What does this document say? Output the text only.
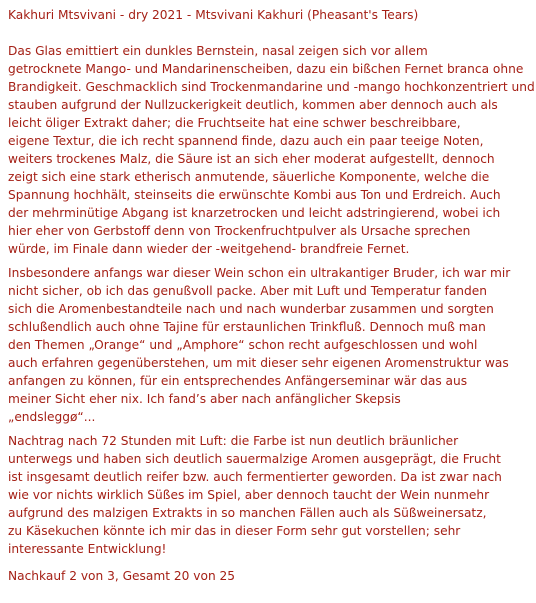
Kakhuri Mtsvivani - dry 2021 - Mtsvivani Kakhuri (Pheasant's Tears)
Das Glas emittiert ein dunkles Bernstein, nasal zeigen sich vor allem
getrocknete Mango- und Mandarinenscheiben, dazu ein bißchen Fernet branca ohne
Brandigkeit. Geschmacklich sind Trockenmandarine und -mango hochkonzentriert und
stauben aufgrund der Nullzuckerigkeit deutlich, kommen aber dennoch auch als
leicht öliger Extrakt daher; die Fruchtseite hat eine schwer beschreibbare,
eigene Textur, die ich recht spannend finde, dazu auch ein paar teeige Noten,
weiters trockenes Malz, die Säure ist an sich eher moderat aufgestellt, dennoch
zeigt sich eine stark etherisch anmutende, säuerliche Komponente, welche die
Spannung hochhält, steinseits die erwünschte Kombi aus Ton und Erdreich. Auch
der mehrminütige Abgang ist knarzetrocken und leicht adstringierend, wobei ich
hier eher von Gerbstoff denn von Trockenfruchtpulver als Ursache sprechen
würde, im Finale dann wieder der -weitgehend- brandfreie Fernet.
Insbesondere anfangs war dieser Wein schon ein ultrakantiger Bruder, ich war mir
nicht sicher, ob ich das genußvoll packe. Aber mit Luft und Temperatur fanden
sich die Aromenbestandteile nach und nach wunderbar zusammen und sorgten
schlußendlich auch ohne Tajine für erstaunlichen Trinkfluß. Dennoch muß man
den Themen „Orange“ und „Amphore“ schon recht aufgeschlossen und wohl
auch erfahren gegenüberstehen, um mit dieser sehr eigenen Aromenstruktur was
anfangen zu können, für ein entsprechendes Anfängerseminar wär das aus
meiner Sicht eher nix. Ich fand’s aber nach anfänglicher Skepsis
„endsleggø“...
Nachtrag nach 72 Stunden mit Luft: die Farbe ist nun deutlich bräunlicher
unterwegs und haben sich deutlich sauermalzige Aromen ausgeprägt, die Frucht
ist insgesamt deutlich reifer bzw. auch fermentierter geworden. Da ist zwar nach
wie vor nichts wirklich Süßes im Spiel, aber dennoch taucht der Wein nunmehr
aufgrund des malzigen Extrakts in so manchen Fällen auch als Süßweinersatz,
zu Käsekuchen könnte ich mir das in dieser Form sehr gut vorstellen; sehr
interessante Entwicklung!
Nachkauf 2 von 3, Gesamt 20 von 25
